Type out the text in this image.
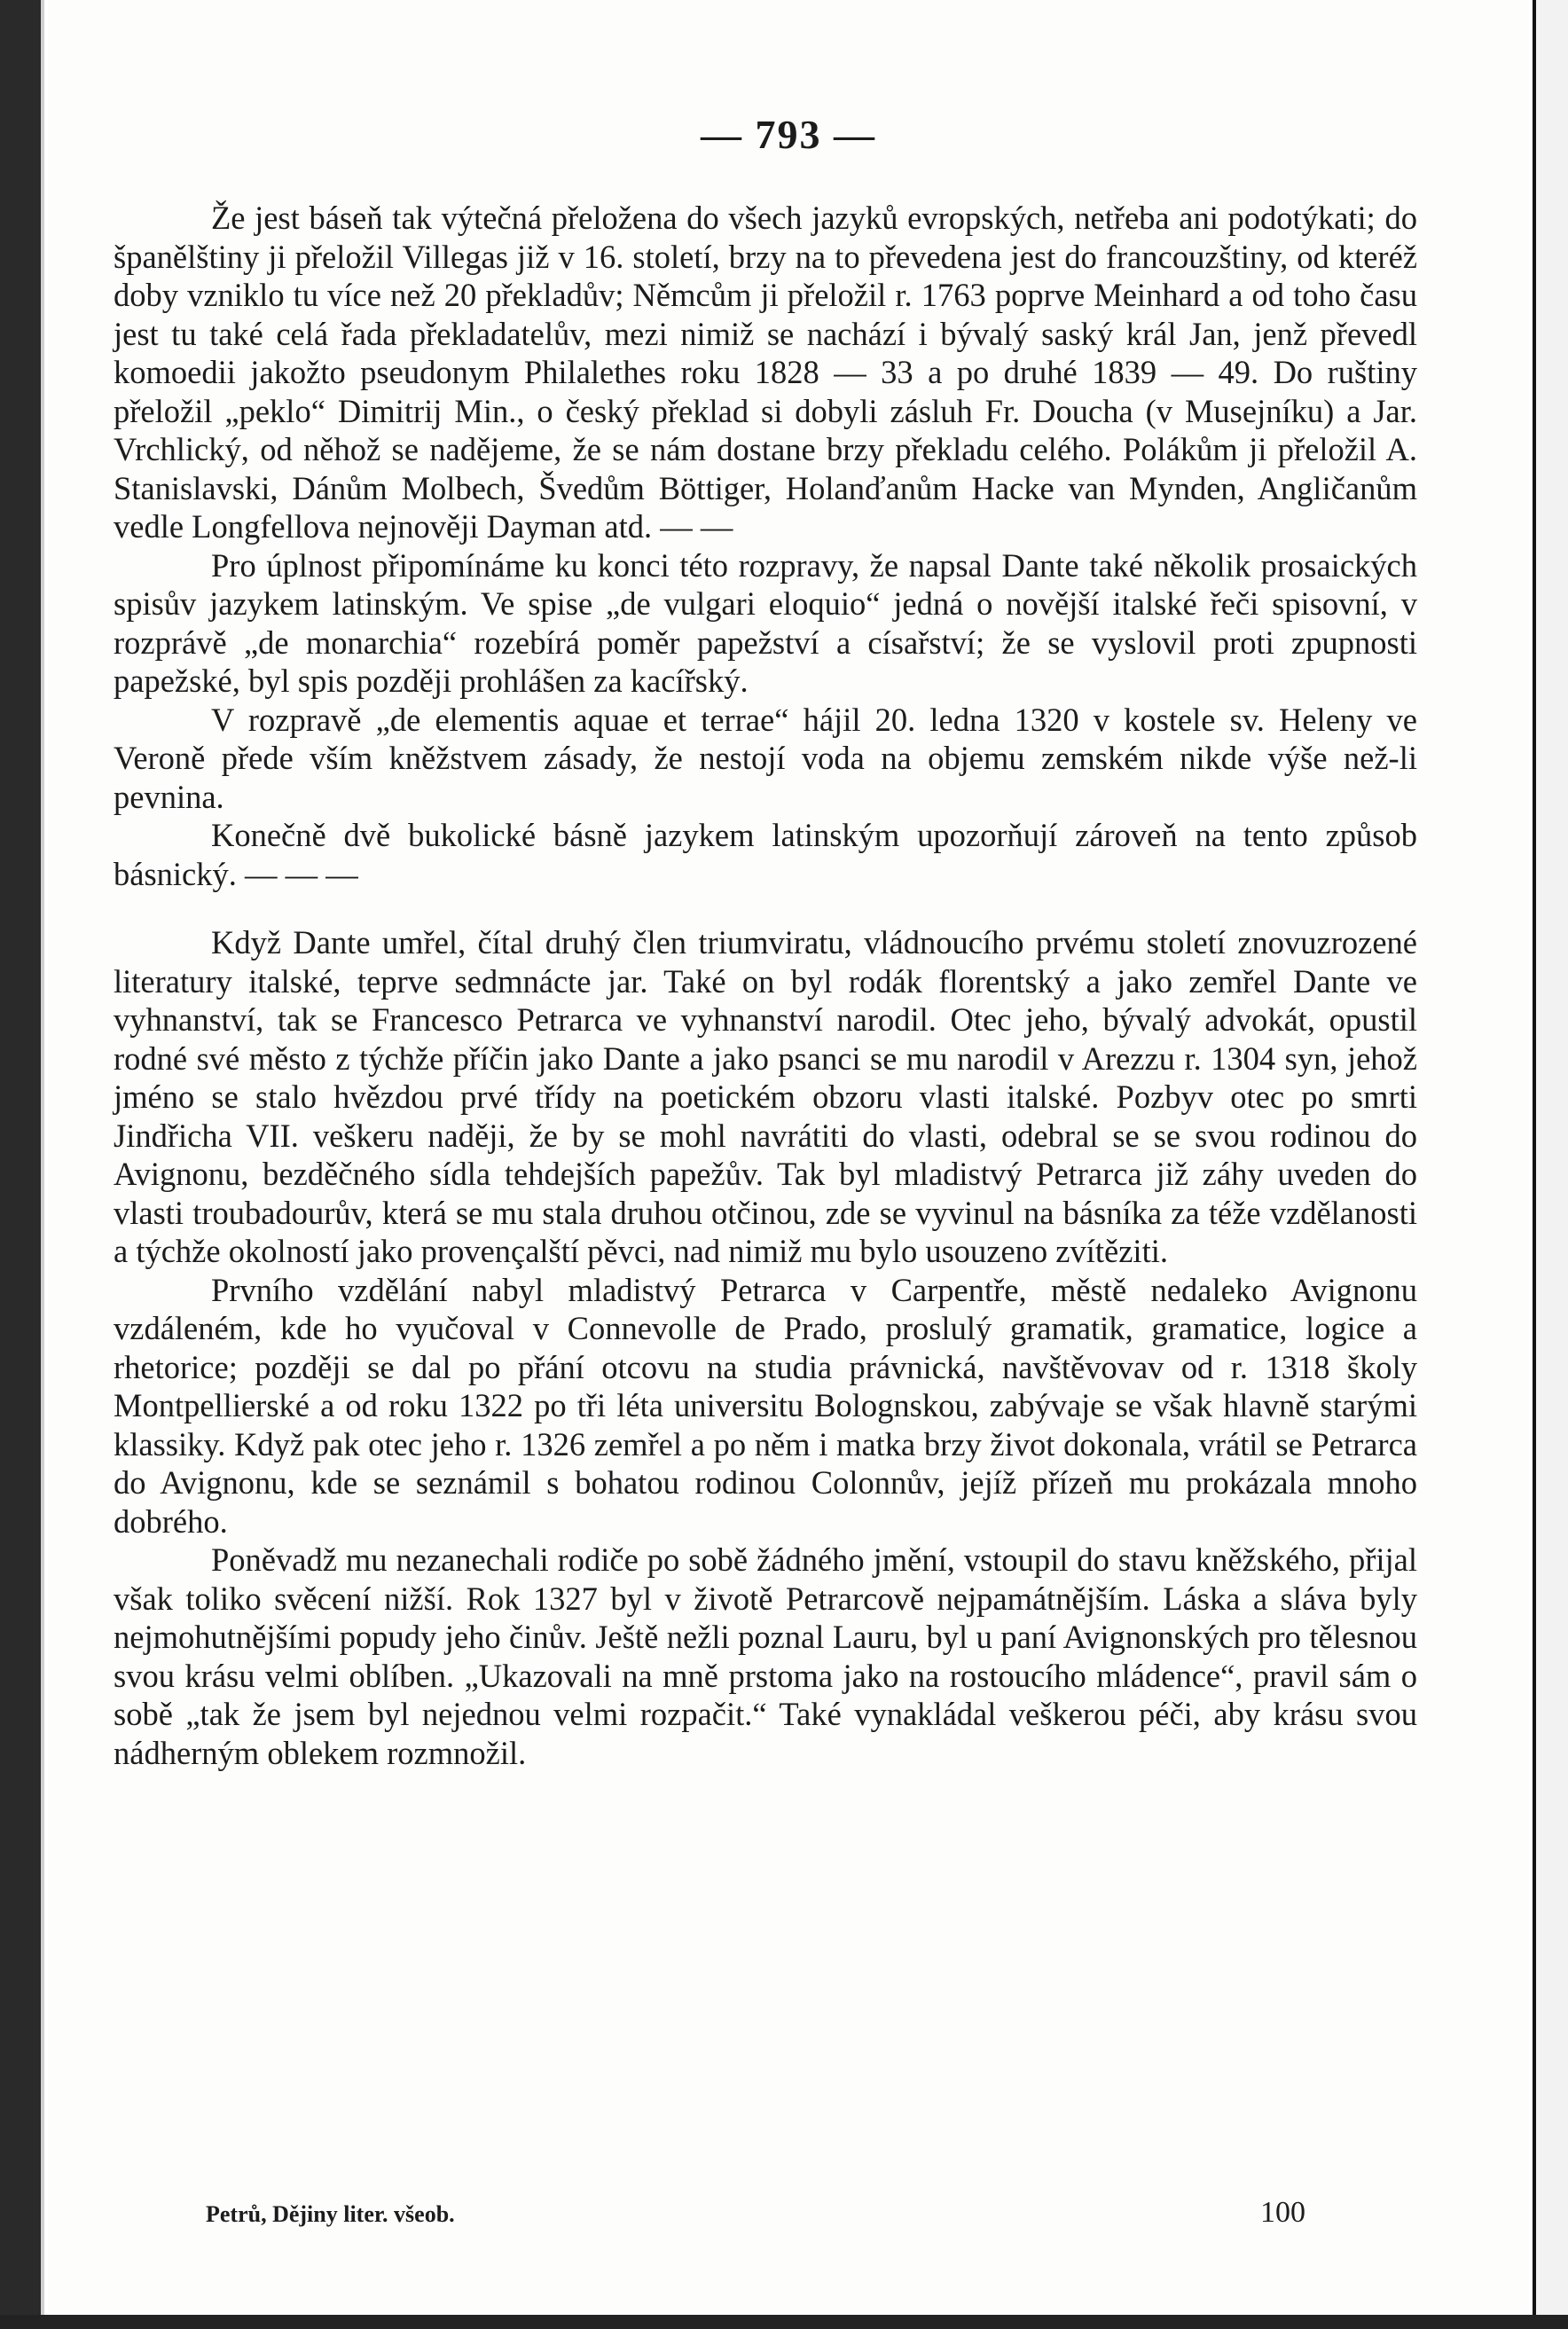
— 793 —

Že jest báseň tak výtečná přeložena do všech jazyků evropských, netřeba ani podotýkati; do španělštiny ji přeložil Villegas již v 16. století, brzy na to převedena jest do francouzštiny, od kteréž doby vzniklo tu více než 20 překladův; Němcům ji přeložil r. 1763 poprve Meinhard a od toho času jest tu také celá řada překladatelův, mezi nimiž se nachází i bývalý saský král Jan, jenž převedl komoedii jakožto pseudonym Philalethes roku 1828 — 33 a po druhé 1839 — 49. Do ruštiny přeložil „peklo“ Dimitrij Min., o český překlad si dobyli zásluh Fr. Doucha (v Musejníku) a Jar. Vrchlický, od něhož se nadějeme, že se nám dostane brzy překladu celého. Polákům ji přeložil A. Stanislavski, Dánům Molbech, Švedům Böttiger, Holanďanům Hacke van Mynden, Angličanům vedle Longfellova nejnověji Dayman atd. — —

Pro úplnost připomínáme ku konci této rozpravy, že napsal Dante také několik prosaických spisův jazykem latinským. Ve spise „de vulgari eloquio“ jedná o novější italské řeči spisovní, v rozprávě „de monarchia“ rozebírá poměr papežství a císařství; že se vyslovil proti zpupnosti papežské, byl spis později prohlášen za kacířský.

V rozpravě „de elementis aquae et terrae“ hájil 20. ledna 1320 v kostele sv. Heleny ve Veroně přede vším kněžstvem zásady, že nestojí voda na objemu zemském nikde výše než-li pevnina.

Konečně dvě bukolické básně jazykem latinským upozorňují zároveň na tento způsob básnický. — — —

Když Dante umřel, čítal druhý člen triumviratu, vládnoucího prvému století znovuzrozené literatury italské, teprve sedmnácte jar. Také on byl rodák florentský a jako zemřel Dante ve vyhnanství, tak se Francesco Petrarca ve vyhnanství narodil. Otec jeho, bývalý advokát, opustil rodné své město z týchže příčin jako Dante a jako psanci se mu narodil v Arezzu r. 1304 syn, jehož jméno se stalo hvězdou prvé třídy na poetickém obzoru vlasti italské. Pozbyv otec po smrti Jindřicha VII. veškeru naději, že by se mohl navrátiti do vlasti, odebral se se svou rodinou do Avignonu, bezděčného sídla tehdejších papežův. Tak byl mladistvý Petrarca již záhy uveden do vlasti troubadourův, která se mu stala druhou otčinou, zde se vyvinul na básníka za téže vzdělanosti a týchže okolností jako provençalští pěvci, nad nimiž mu bylo usouzeno zvítěziti.

Prvního vzdělání nabyl mladistvý Petrarca v Carpentře, městě nedaleko Avignonu vzdáleném, kde ho vyučoval v Connevolle de Prado, proslulý gramatik, gramatice, logice a rhetorice; později se dal po přání otcovu na studia právnická, navštěvovav od r. 1318 školy Montpellierské a od roku 1322 po tři léta universitu Bolognskou, zabývaje se však hlavně starými klassiky. Když pak otec jeho r. 1326 zemřel a po něm i matka brzy život dokonala, vrátil se Petrarca do Avignonu, kde se seznámil s bohatou rodinou Colonnův, jejíž přízeň mu prokázala mnoho dobrého.

Poněvadž mu nezanechali rodiče po sobě žádného jmění, vstoupil do stavu kněžského, přijal však toliko svěcení nižší. Rok 1327 byl v životě Petrarcově nejpamátnějším. Láska a sláva byly nejmohutnějšími popudy jeho činův. Ještě nežli poznal Lauru, byl u paní Avignonských pro tělesnou svou krásu velmi oblíben. „Ukazovali na mně prstoma jako na rostoucího mládence“, pravil sám o sobě „tak že jsem byl nejednou velmi rozpačit.“ Také vynakládal veškerou péči, aby krásu svou nádherným oblekem rozmnožil.

Petrů, Dějiny liter. všeob.	100
